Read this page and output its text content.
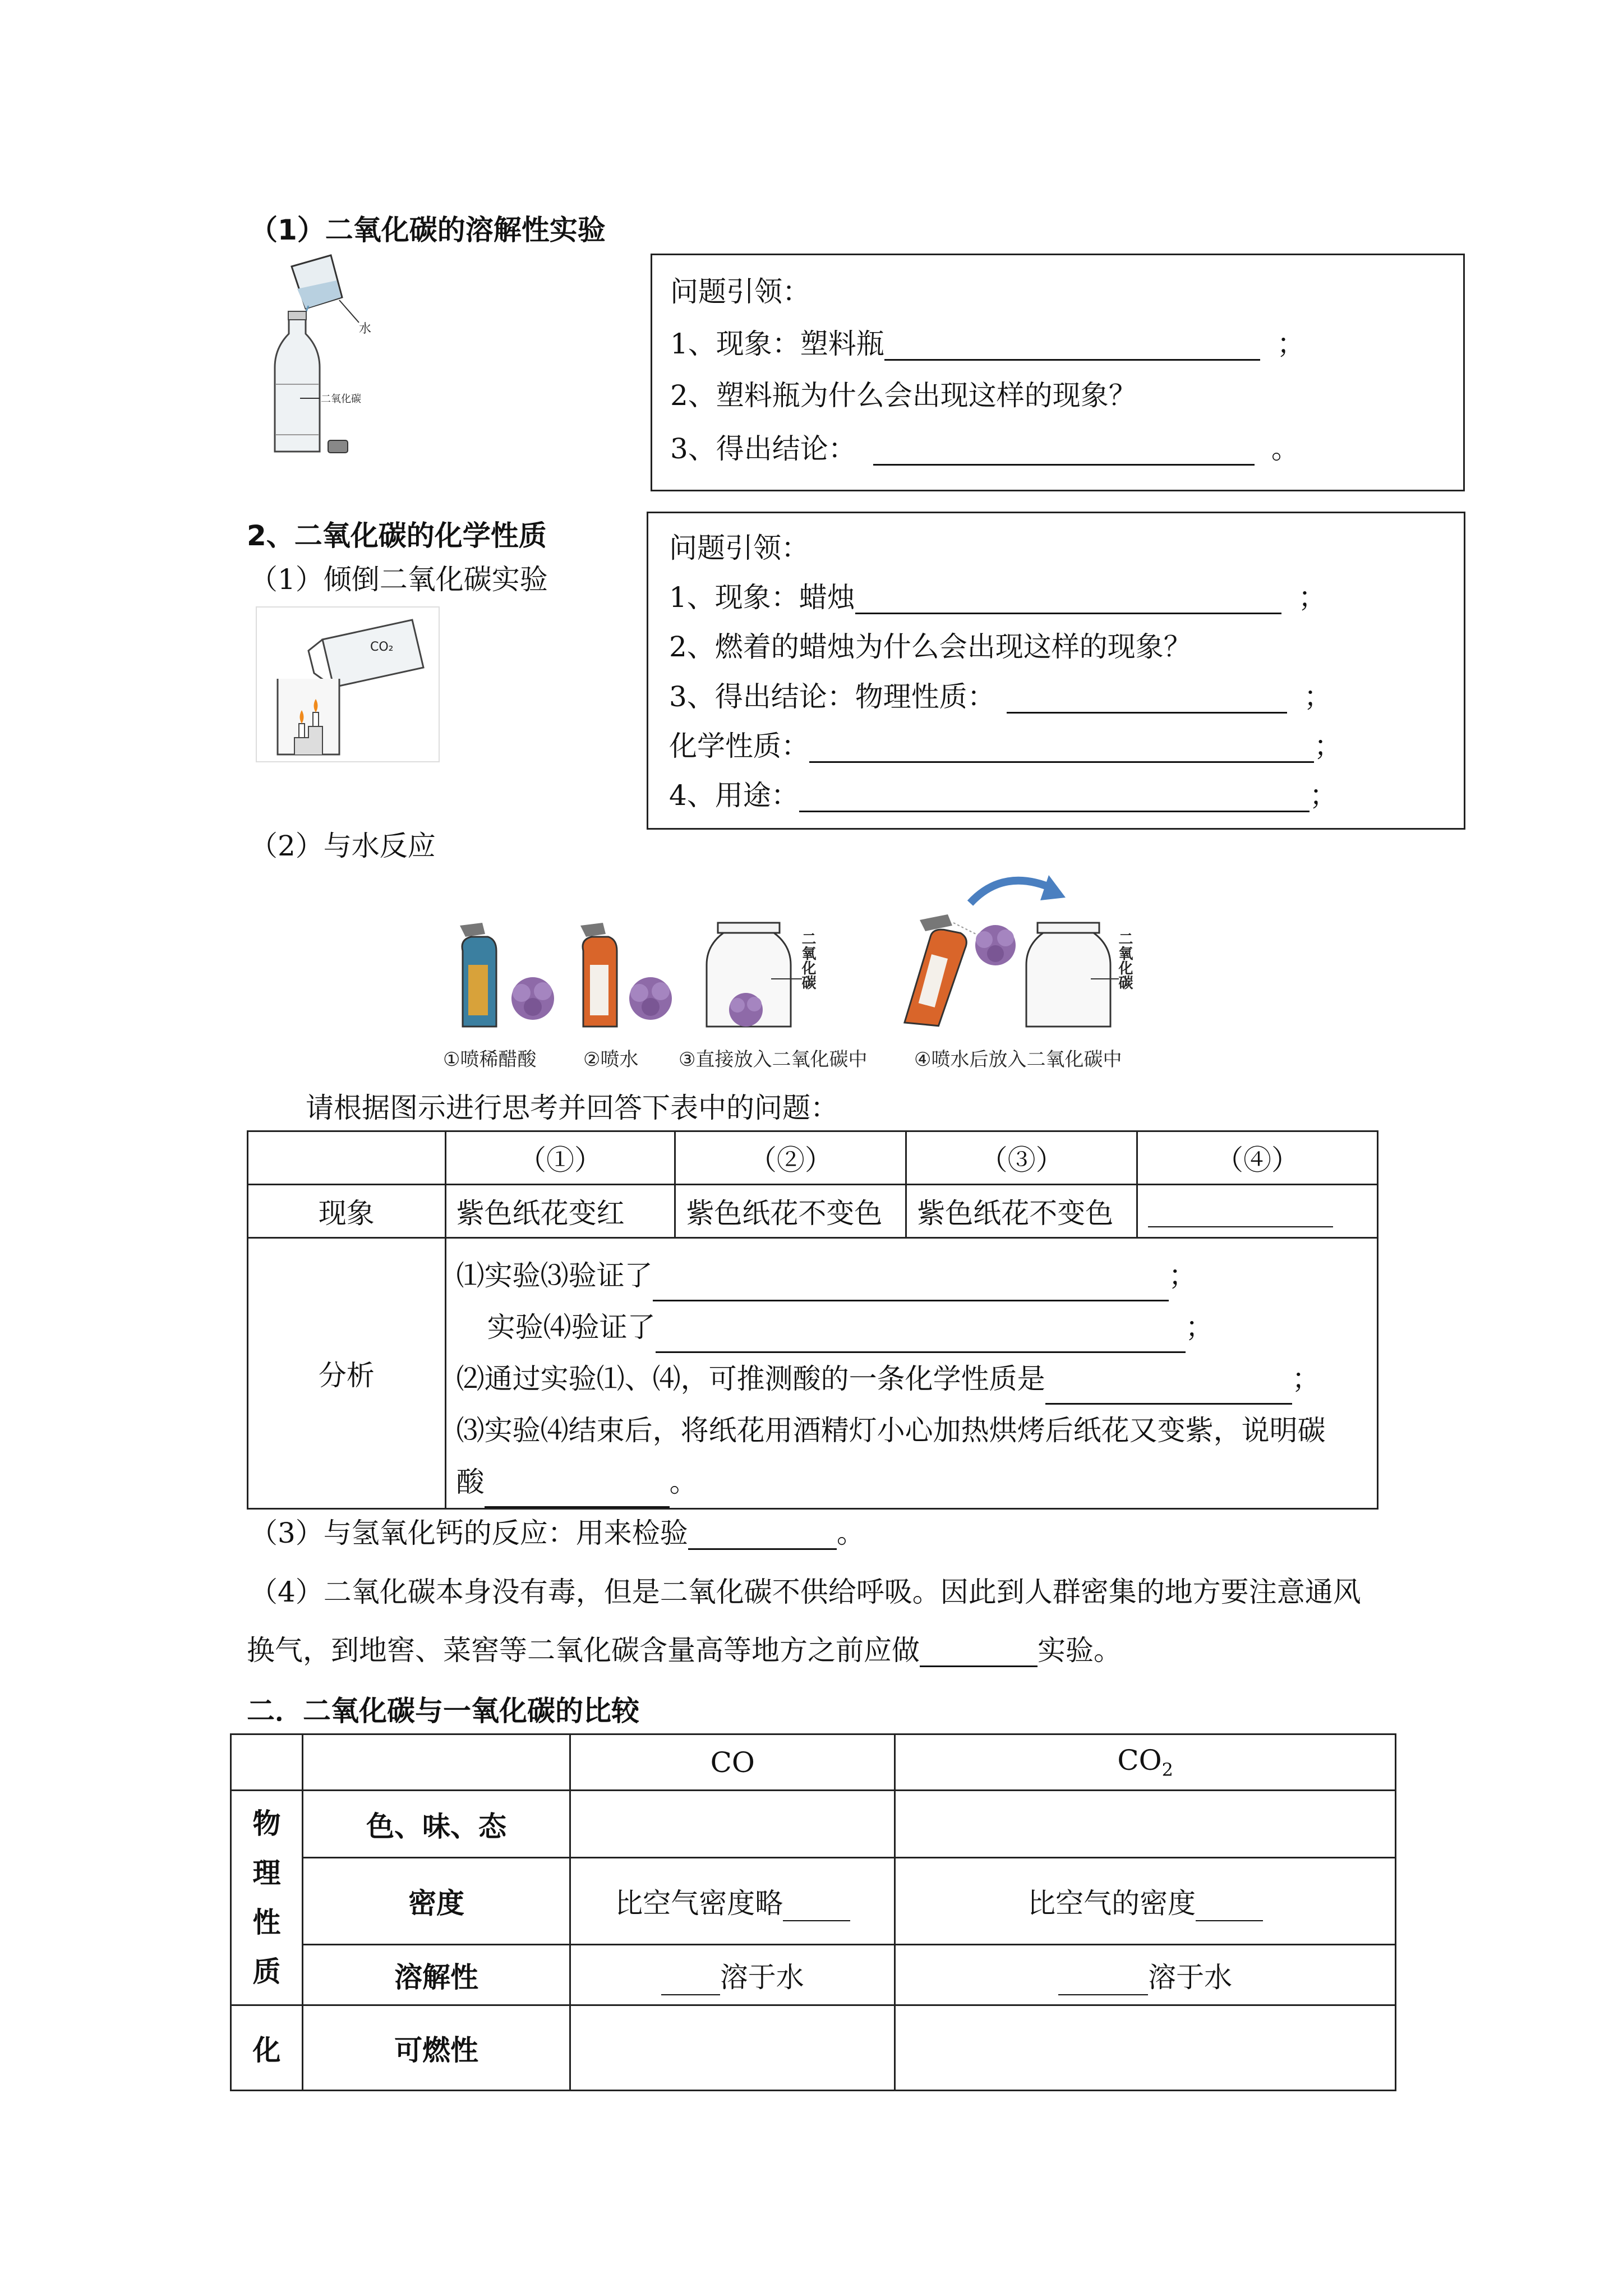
（1）二氧化碳的溶解性实验
水
二氧化碳
问题引领：
1、现象：塑料瓶	；
2、塑料瓶为什么会出现这样的现象？
3、得出结论：	。
2、二氧化碳的化学性质
（1）倾倒二氧化碳实验
CO₂
问题引领：
1、现象：蜡烛	；
2、燃着的蜡烛为什么会出现这样的现象？
3、得出结论：物理性质：	；
化学性质：	；
4、用途：	；
（2）与水反应
二氧化碳	二氧化碳
①喷稀醋酸 ②喷水 ③直接放入二氧化碳中 ④喷水后放入二氧化碳中
请根据图示进行思考并回答下表中的问题：
	（①）	（②）	（③）	（④）
现象	紫色纸花变红	紫色纸花不变色	紫色纸花不变色	
分析	⑴实验⑶验证了 ；
实验⑷验证了 ；
⑵通过实验⑴、⑷，可推测酸的一条化学性质是 ；
⑶实验⑷结束后，将纸花用酒精灯小心加热烘烤后纸花又变紫，说明碳
酸 。			
（3）与氢氧化钙的反应：用来检验	。
（4）二氧化碳本身没有毒，但是二氧化碳不供给呼吸。因此到人群密集的地方要注意通风
换气，到地窖、菜窖等二氧化碳含量高等地方之前应做	实验。
二．二氧化碳与一氧化碳的比较
		CO	$CO_2$

物
理
性
质	色、味、态		
	密度	比空气密度略	比空气的密度
	溶解性	溶于水	溶于水
化	可燃性		
